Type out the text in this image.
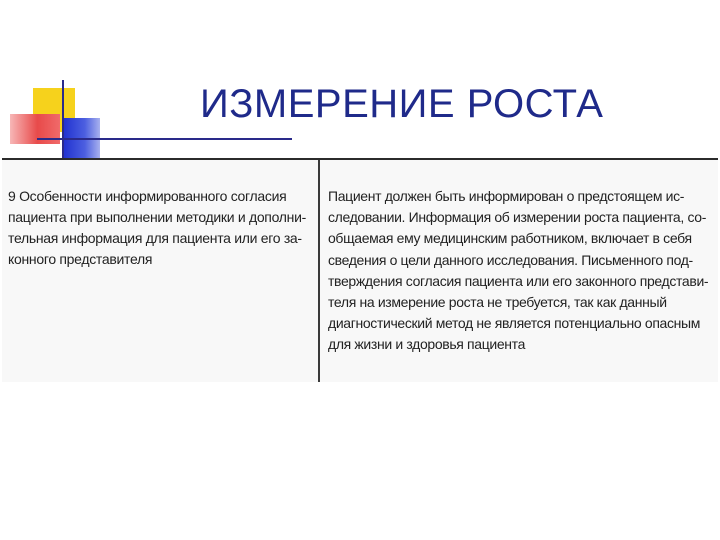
ИЗМЕРЕНИЕ РОСТА
9 Особенности информированного согласия
пациента при выполнении методики и дополни-
тельная информация для пациента или его за-
конного представителя
Пациент должен быть информирован о предстоящем ис-
следовании. Информация об измерении роста пациента, со-
общаемая ему медицинским работником, включает в себя
сведения о цели данного исследования. Письменного под-
тверждения согласия пациента или его законного представи-
теля на измерение роста не требуется, так как данный
диагностический метод не является потенциально опасным
для жизни и здоровья пациента
